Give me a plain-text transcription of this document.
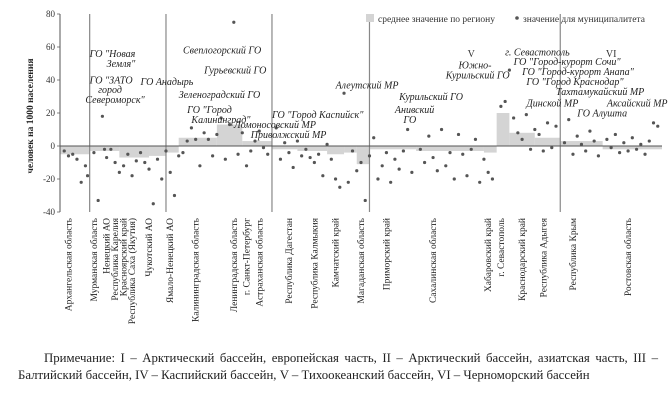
-40
-20
0
20
40
60
80
V	VI
ГО "Новая
Земля"
ГО "ЗАТО
город
Североморск"
ГО Анадырь
Свеплогорский ГО
Гурьевский ГО
Зеленоградский ГО
ГО "Город
Калининград"
Ломоносовский МР
Приволжский МР
ГО "Город Каспийск"
Алеутский МР
Курильский ГО
Южно-
Курильский ГО
Анивский
ГО
г. Севастополь
ГО "Город-курорт Сочи"
ГО "Город-курорт Анапа"
ГО "Город Краснодар"
Тахтамукайский МР
Динской МР	Аксайский МР
ГО Алушта
Архангельская область Мурманская область Ненецкий АО
Республика Карелия
Красноярский край
Республика Саха (Якутия) Чукотский АО Ямало-Ненецкий АО Калининградская область	Ленинградская область г. Санкт-Петербург Астраханская область Республика Дагестан Республика Калмыкия Камчатский край Магаданская область Приморский край	Сахалинская область	Хабаровский край г. Севастополь Краснодарский край Республика Адыгея Республика Крым	Ростовская область
среднее значение по региону	значение для муниципалитета
человек на 1000 населения
Примечание: I – Арктический бассейн, европейская часть, II – Арктический бассейн, азиатская часть, III – Балтийский бассейн, IV – Каспийский бассейн, V – Тихоокеанский бассейн, VI – Черноморский бассейн
